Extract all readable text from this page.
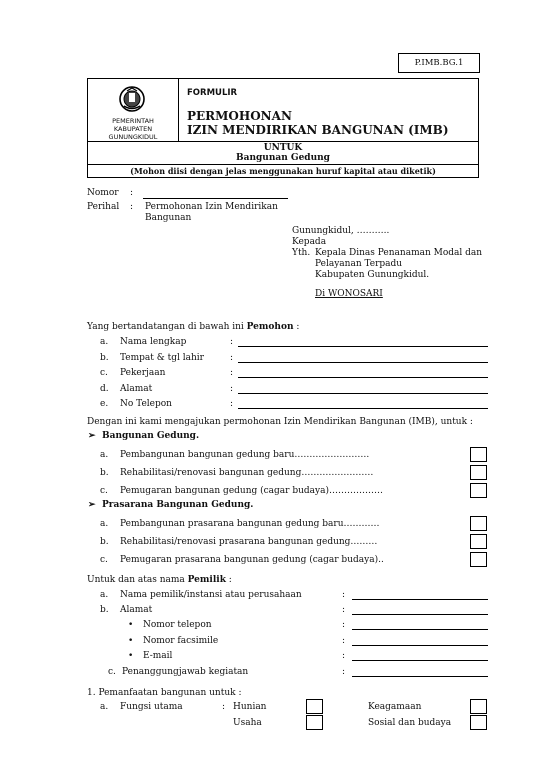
P.IMB.BG.1
PEMERINTAH
KABUPATEN
GUNUNGKIDUL
FORMULIR
PERMOHONAN
IZIN MENDIRIKAN BANGUNAN (IMB)
UNTUK
Bangunan Gedung
(Mohon diisi dengan jelas menggunakan huruf kapital atau diketik)
Nomor :
Perihal : Permohonan Izin Mendirikan
Bangunan
Gunungkidul, ………..
Kepada
Yth. Kepala Dinas Penanaman Modal dan
Pelayanan Terpadu
Kabupaten Gunungkidul.
Di WONOSARI
Yang bertandatangan di bawah ini Pemohon :
a. Nama lengkap	:
b. Tempat & tgl lahir	:
c. Pekerjaan	:
d. Alamat	:
e. No Telepon	:
Dengan ini kami mengajukan permohonan Izin Mendirikan Bangunan (IMB), untuk :
➢ Bangunan Gedung.
a. Pembangunan bangunan gedung baru…………………….
b. Rehabilitasi/renovasi bangunan gedung……………………
c. Pemugaran bangunan gedung (cagar budaya)………………
➢ Prasarana Bangunan Gedung.
a. Pembangunan prasarana bangunan gedung baru…………
b. Rehabilitasi/renovasi prasarana bangunan gedung………
c. Pemugaran prasarana bangunan gedung (cagar budaya)..
Untuk dan atas nama Pemilik :
a. Nama pemilik/instansi atau perusahaan	:
b. Alamat	:
• Nomor telepon	:
• Nomor facsimile	:
• E-mail	:
c. Penanggungjawab kegiatan	:
1. Pemanfaatan bangunan untuk :
a. Fungsi utama	: Hunian	Keagamaan
Usaha	Sosial dan budaya
